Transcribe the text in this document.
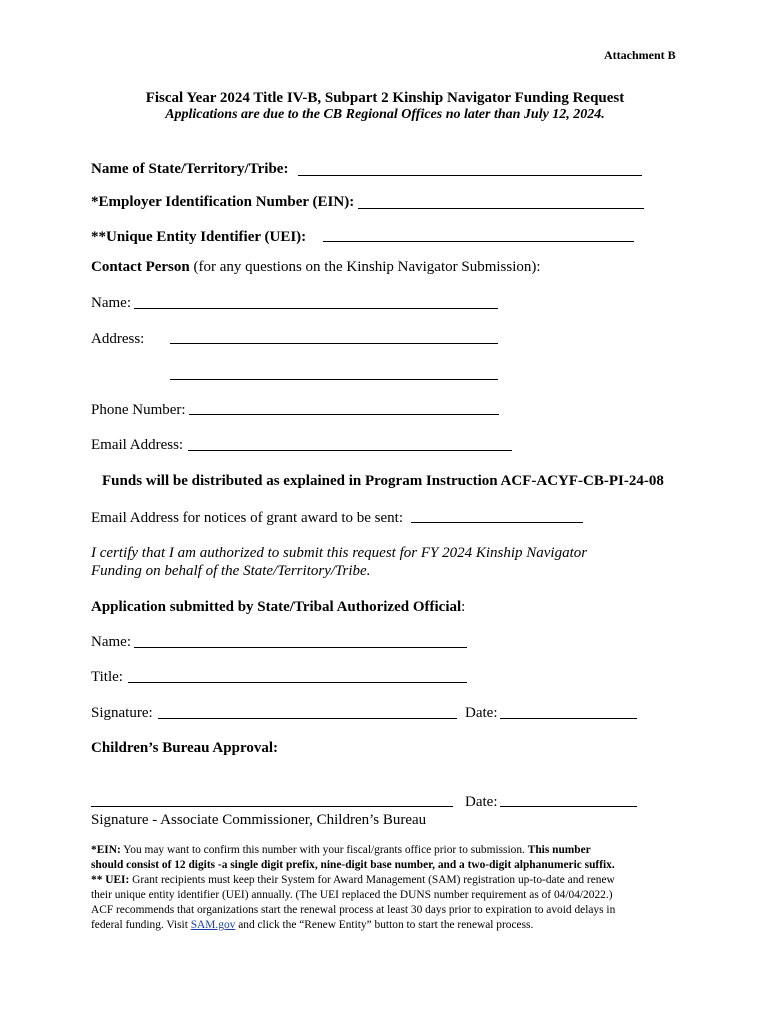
Attachment B
Fiscal Year 2024 Title IV-B, Subpart 2 Kinship Navigator Funding Request
Applications are due to the CB Regional Offices no later than July 12, 2024.
Name of State/Territory/Tribe:
*Employer Identification Number (EIN):
**Unique Entity Identifier (UEI):
Contact Person (for any questions on the Kinship Navigator Submission):
Name:
Address:
Phone Number:
Email Address:
Funds will be distributed as explained in Program Instruction ACF-ACYF-CB-PI-24-08
Email Address for notices of grant award to be sent:
I certify that I am authorized to submit this request for FY 2024 Kinship Navigator
Funding on behalf of the State/Territory/Tribe.
Application submitted by State/Tribal Authorized Official:
Name:
Title:
Signature:	Date:
Children’s Bureau Approval:
Date:
Signature - Associate Commissioner, Children’s Bureau
*EIN: You may want to confirm this number with your fiscal/grants office prior to submission. This number
should consist of 12 digits -a single digit prefix, nine-digit base number, and a two-digit alphanumeric suffix.
** UEI: Grant recipients must keep their System for Award Management (SAM) registration up-to-date and renew
their unique entity identifier (UEI) annually. (The UEI replaced the DUNS number requirement as of 04/04/2022.)
ACF recommends that organizations start the renewal process at least 30 days prior to expiration to avoid delays in
federal funding. Visit SAM.gov and click the “Renew Entity” button to start the renewal process.
